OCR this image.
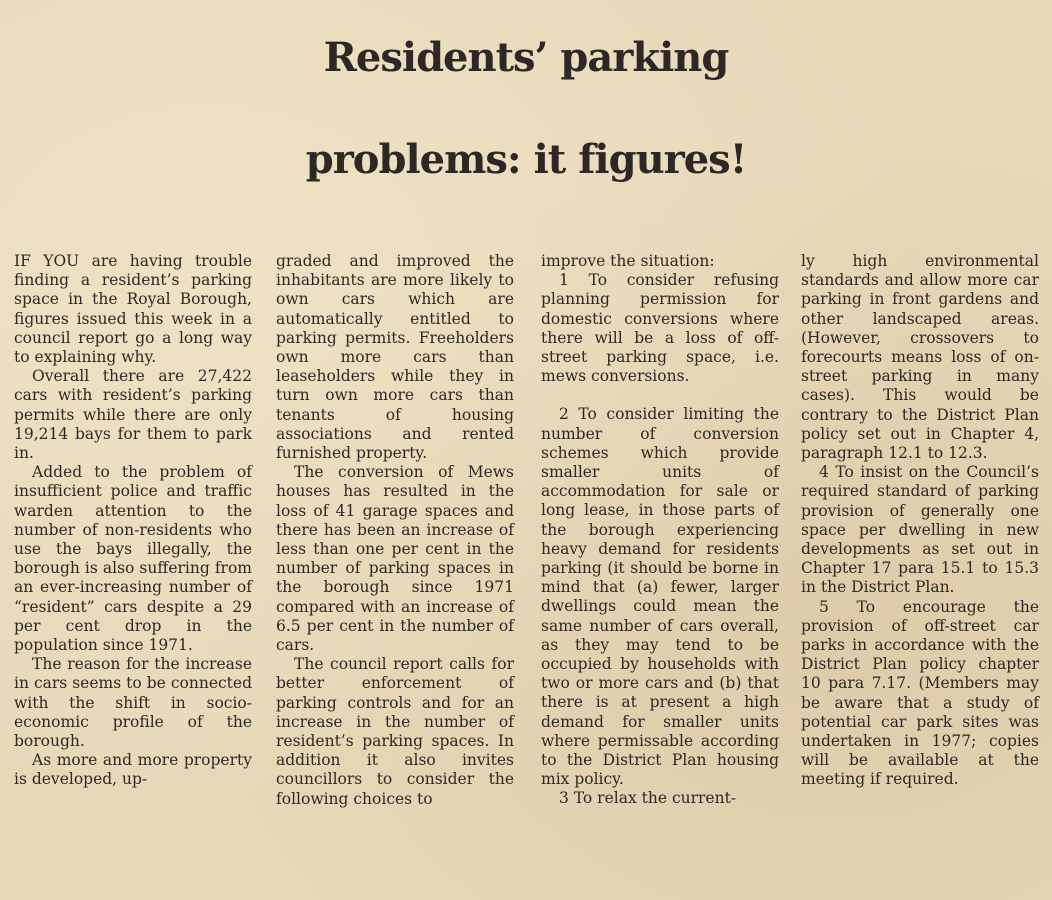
Residents’ parking
problems: it figures!

IF YOU are having trouble finding a resident’s parking space in the Royal Borough, figures issued this week in a council report go a long way to explaining why.

Overall there are 27,422 cars with resident’s parking permits while there are only 19,214 bays for them to park in.

Added to the problem of insufficient police and traffic warden attention to the number of non-residents who use the bays illegally, the borough is also suffering from an ever-increasing number of “resident” cars despite a 29 per cent drop in the population since 1971.

The reason for the increase in cars seems to be connected with the shift in socio-economic profile of the borough.

As more and more property is developed, up-

graded and improved the inhabitants are more likely to own cars which are automatically entitled to parking permits. Freeholders own more cars than leaseholders while they in turn own more cars than tenants of housing associations and rented furnished property.

The conversion of Mews houses has resulted in the loss of 41 garage spaces and there has been an increase of less than one per cent in the number of parking spaces in the borough since 1971 compared with an increase of 6.5 per cent in the number of cars.

The council report calls for better enforcement of parking controls and for an increase in the number of resident’s parking spaces. In addition it also invites councillors to consider the following choices to

improve the situation:

1 To consider refusing planning permission for domestic conversions where there will be a loss of off-street parking space, i.e. mews conversions.

2 To consider limiting the number of conversion schemes which provide smaller units of accommodation for sale or long lease, in those parts of the borough experiencing heavy demand for residents parking (it should be borne in mind that (a) fewer, larger dwellings could mean the same number of cars overall, as they may tend to be occupied by households with two or more cars and (b) that there is at present a high demand for smaller units where permissable according to the District Plan housing mix policy.

3 To relax the current-

ly high environmental standards and allow more car parking in front gardens and other landscaped areas. (However, crossovers to forecourts means loss of on-street parking in many cases). This would be contrary to the District Plan policy set out in Chapter 4, paragraph 12.1 to 12.3.

4 To insist on the Council’s required standard of parking provision of generally one space per dwelling in new developments as set out in Chapter 17 para 15.1 to 15.3 in the District Plan.

5 To encourage the provision of off-street car parks in accordance with the District Plan policy chapter 10 para 7.17. (Members may be aware that a study of potential car park sites was undertaken in 1977; copies will be available at the meeting if required.
